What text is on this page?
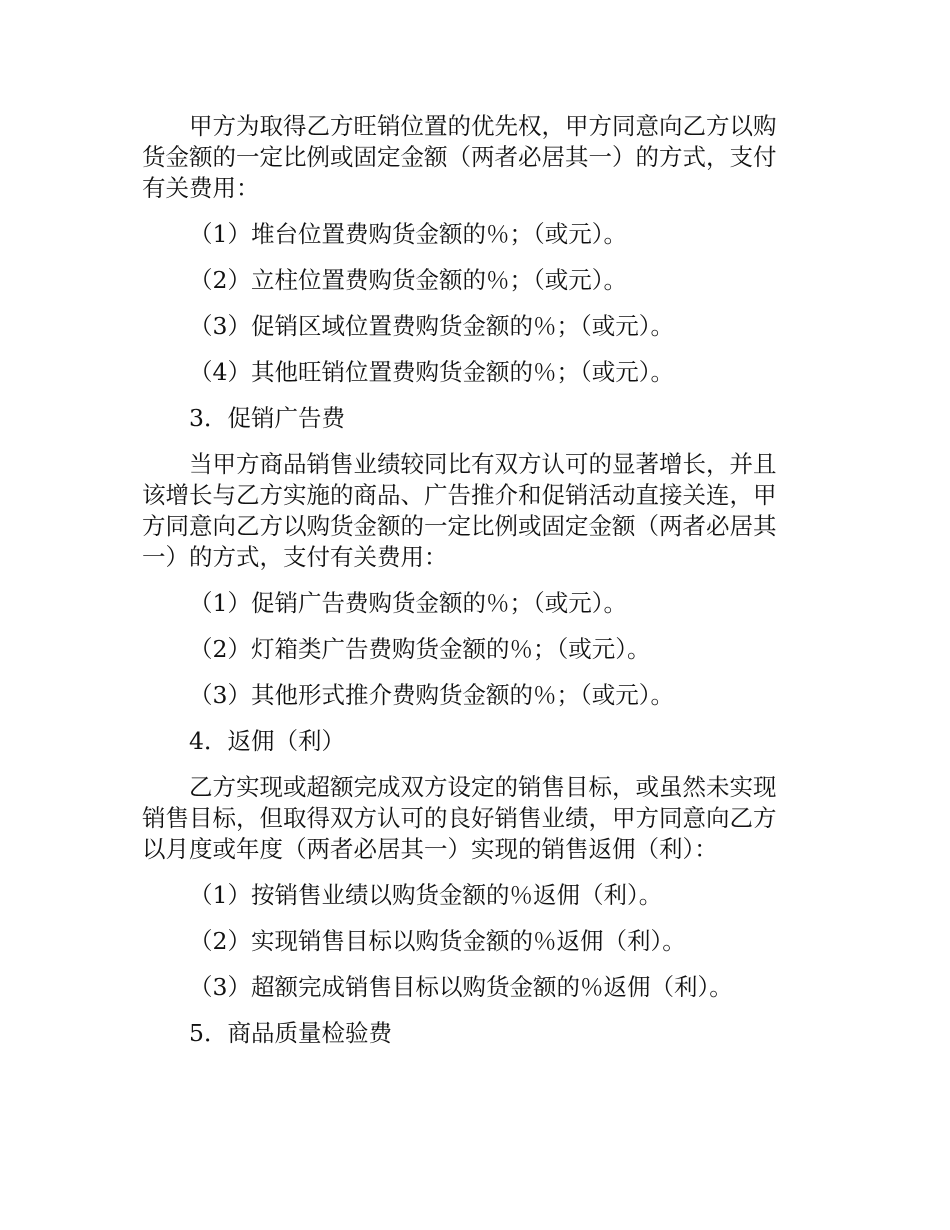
甲方为取得乙方旺销位置的优先权，甲方同意向乙方以购
货金额的一定比例或固定金额（两者必居其一）的方式，支付
有关费用：

（1）堆台位置费购货金额的％；（或元）。
（2）立柱位置费购货金额的％；（或元）。
（3）促销区域位置费购货金额的％；（或元）。
（4）其他旺销位置费购货金额的％；（或元）。
3．促销广告费

当甲方商品销售业绩较同比有双方认可的显著增长，并且
该增长与乙方实施的商品、广告推介和促销活动直接关连，甲
方同意向乙方以购货金额的一定比例或固定金额（两者必居其
一）的方式，支付有关费用：

（1）促销广告费购货金额的％；（或元）。
（2）灯箱类广告费购货金额的％；（或元）。
（3）其他形式推介费购货金额的％；（或元）。
4．返佣（利）

乙方实现或超额完成双方设定的销售目标，或虽然未实现
销售目标，但取得双方认可的良好销售业绩，甲方同意向乙方
以月度或年度（两者必居其一）实现的销售返佣（利）：

（1）按销售业绩以购货金额的％返佣（利）。
（2）实现销售目标以购货金额的％返佣（利）。
（3）超额完成销售目标以购货金额的％返佣（利）。
5．商品质量检验费
